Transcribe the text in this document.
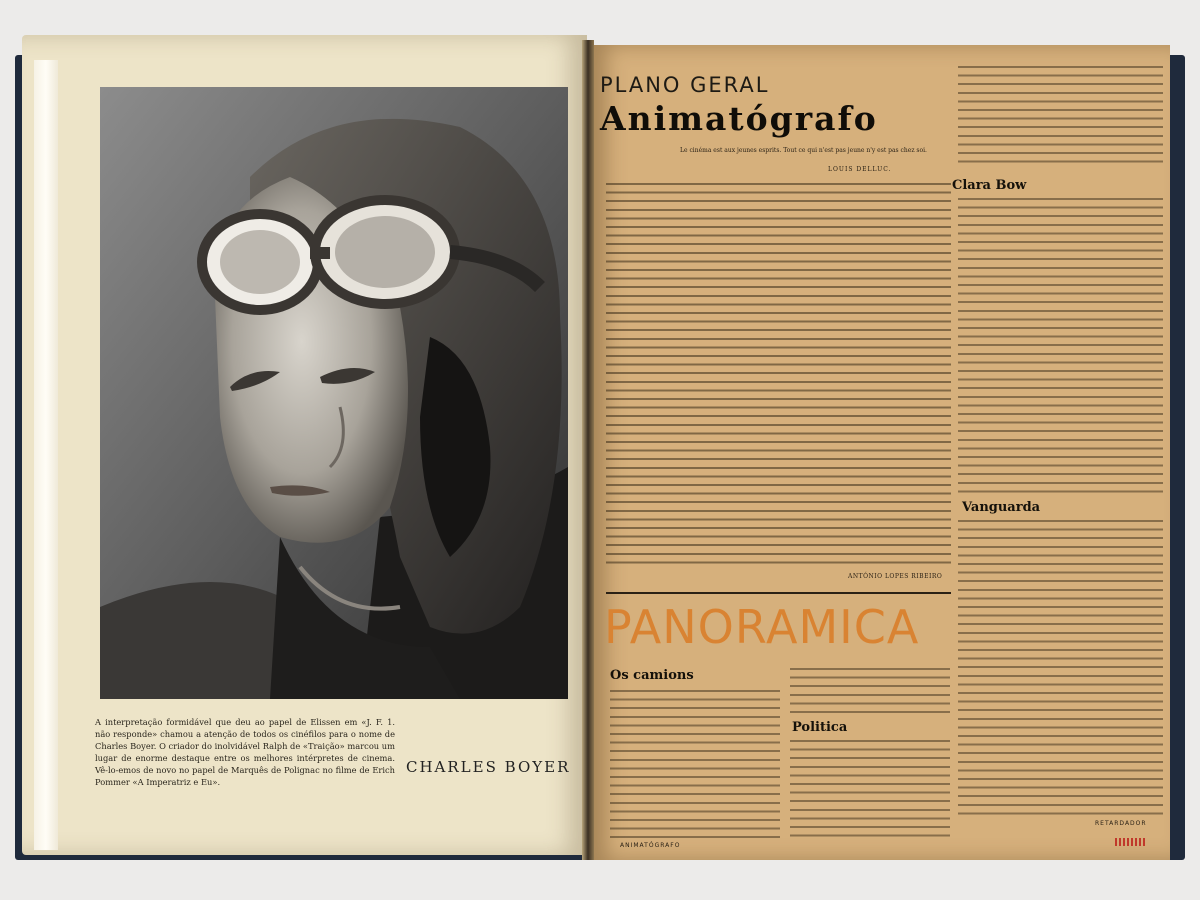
A interpretação formidável que deu ao papel de Elissen em «J. F. 1. não responde» chamou a atenção de todos os cinéfilos para o nome de Charles Boyer. O criador do inolvidável Ralph de «Traição» marcou um lugar de enorme destaque entre os melhores intérpretes de cinema. Vê-lo-emos de novo no papel de Marquês de Polignac no filme de Erich Pommer «A Imperatriz e Eu».
CHARLES BOYER
PLANO GERAL
Animatógrafo
Le cinéma est aux jeunes esprits. Tout ce qui n'est pas jeune n'y est pas chez soi.
LOUIS DELLUC.
ANTÓNIO LOPES RIBEIRO
Clara Bow
Vanguarda
PANORAMICA
Os camions
Politica
ANIMATÓGRAFO
RETARDADOR
